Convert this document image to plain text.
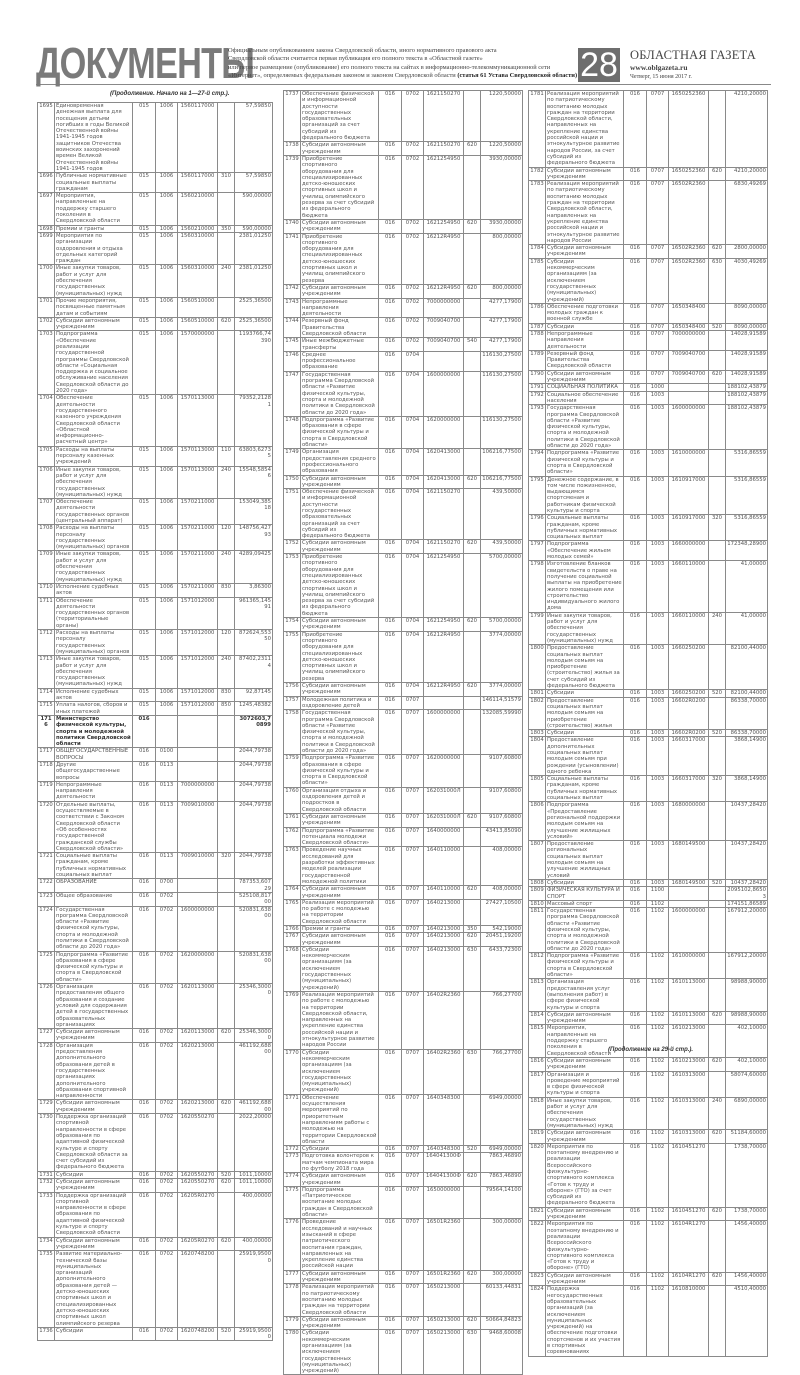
ДОКУМЕНТЫ
Официальным опубликованием закона Свердловской области, иного нормативного правового акта
Свердловской области считается первая публикация его полного текста в «Областной газете»
или первое размещение (опубликование) его полного текста на сайтах в информационно-телекоммуникационной сети
«Интернет», определяемых федеральным законом и законом Свердловской области (статья 61 Устава Свердловской области) 28 ОБЛАСТНАЯ ГАЗЕТА
www.oblgazeta.ru
Четверг, 15 июня 2017 г.
(Продолжение. Начало на 1—27-й стр.).
1695	Единовременная денежная выплата для посещения детьми погибших в годы Великой Отечественной войны 1941-1945 годов защитников Отечества воинских захоронений времен Великой Отечественной войны 1941-1945 годов	015	1006	1560117000		57,59850
1696	Публичные нормативные социальные выплаты гражданам	015	1006	1560117000	310	57,59850
1697	Мероприятия, направленные на поддержку старшего поколения в Свердловской области	015	1006	1560210000		590,00000
1698	Премии и гранты	015	1006	1560210000	350	590,00000
1699	Мероприятия по организации оздоровления и отдыха отдельных категорий граждан	015	1006	1560310000		2381,01250
1700	Иные закупки товаров, работ и услуг для обеспечения государственных (муниципальных) нужд	015	1006	1560310000	240	2381,01250
1701	Прочие мероприятия, посвященные памятным датам и событиям	015	1006	1560510000		2525,36500
1702	Субсидии автономным учреждениям	015	1006	1560510000	620	2525,36500
1703	Подпрограмма «Обеспечение реализации государственной программы Свердловской области «Социальная поддержка и социальное обслуживание населения Свердловской области до 2020 года»	015	1006	1570000000		1193766,74390
1704	Обеспечение деятельности государственного казенного учреждения Свердловской области «Областной информационно-расчетный центр»	015	1006	1570113000		79352,21281
1705	Расходы на выплаты персоналу казенных учреждений	015	1006	1570113000	110	63803,62735
1706	Иные закупки товаров, работ и услуг для обеспечения государственных (муниципальных) нужд	015	1006	1570113000	240	15548,58546
1707	Обеспечение деятельности государственных органов (центральный аппарат)	015	1006	1570211000		153049,38518
1708	Расходы на выплаты персоналу государственных (муниципальных) органов	015	1006	1570211000	120	148756,42793
1709	Иные закупки товаров, работ и услуг для обеспечения государственных (муниципальных) нужд	015	1006	1570211000	240	4289,09425
1710	Исполнение судебных актов	015	1006	1570211000	830	3,86300
1711	Обеспечение деятельности государственных органов (территориальные органы)	015	1006	1571012000		961365,14591
1712	Расходы на выплаты персоналу государственных (муниципальных) органов	015	1006	1571012000	120	872624,55350
1713	Иные закупки товаров, работ и услуг для обеспечения государственных (муниципальных) нужд	015	1006	1571012000	240	87402,23114
1714	Исполнение судебных актов	015	1006	1571012000	830	92,87145
1715	Уплата налогов, сборов и иных платежей	015	1006	1571012000	850	1245,48382
1716	Министерство физической культуры, спорта и молодежной политики Свердловской области	016				3072603,70899
1717	ОБЩЕГОСУДАРСТВЕННЫЕ ВОПРОСЫ	016	0100			2044,79738
1718	Другие общегосударственные вопросы	016	0113			2044,79738
1719	Непрограммные направления деятельности	016	0113	7000000000		2044,79738
1720	Отдельные выплаты, осуществляемые в соответствии с Законом Свердловской области «Об особенностях государственной гражданской службы Свердловской области»	016	0113	7009010000		2044,79738
1721	Социальные выплаты гражданам, кроме публичных нормативных социальных выплат	016	0113	7009010000	320	2044,79738
1722	ОБРАЗОВАНИЕ	016	0700			787353,60729
1723	Общее образование	016	0702			525108,81700
1724	Государственная программа Свердловской области «Развитие физической культуры, спорта и молодежной политики в Свердловской области до 2020 года»	016	0702	1600000000		520831,63800
1725	Подпрограмма «Развитие образования в сфере физической культуры и спорта в Свердловской области»	016	0702	1620000000		520831,63800
1726	Организация предоставления общего образования и создание условий для содержания детей в государственных образовательных организациях	016	0702	1620113000		25346,30000
1727	Субсидии автономным учреждениям	016	0702	1620113000	620	25346,30000
1728	Организация предоставления дополнительного образования детей в государственных организациях дополнительного образования спортивной направленности	016	0702	1620213000		461192,68800
1729	Субсидии автономным учреждениям	016	0702	1620213000	620	461192,68800
1730	Поддержка организаций спортивной направленности в сфере образования по адаптивной физической культуре и спорту Свердловской области за счет субсидий из федерального бюджета	016	0702	1620550270		2022,20000
1731	Субсидии	016	0702	1620550270	520	1011,10000
1732	Субсидии автономным учреждениям	016	0702	1620550270	620	1011,10000
1733	Поддержка организаций спортивной направленности в сфере образования по адаптивной физической культуре и спорту Свердловской области	016	0702	16205R0270		400,00000
1734	Субсидии автономным учреждениям	016	0702	16205R0270	620	400,00000
1735	Развитие материально-технической базы муниципальных организаций дополнительного образования детей — детско-юношеских спортивных школ и специализированных детско-юношеских спортивных школ олимпийского резерва	016	0702	1620748200		25919,95000
1736	Субсидии	016	0702	1620748200	520	25919,95000
1737	Обеспечение физической и информационной доступности государственных образовательных организаций за счет субсидий из федерального бюджета	016	0702	1621150270		1220,50000
1738	Субсидии автономным учреждениям	016	0702	1621150270	620	1220,50000
1739	Приобретение спортивного оборудования для специализированных детско-юношеских спортивных школ и училищ олимпийского резерва за счет субсидий из федерального бюджета	016	0702	1621254950		3930,00000
1740	Субсидии автономным учреждениям	016	0702	1621254950	620	3930,00000
1741	Приобретение спортивного оборудования для специализированных детско-юношеских спортивных школ и училищ олимпийского резерва	016	0702	16212R4950		800,00000
1742	Субсидии автономным учреждениям	016	0702	16212R4950	620	800,00000
1743	Непрограммные направления деятельности	016	0702	7000000000		4277,17900
1744	Резервный фонд Правительства Свердловской области	016	0702	7009040700		4277,17900
1745	Иные межбюджетные трансферты	016	0702	7009040700	540	4277,17900
1746	Среднее профессиональное образование	016	0704			116130,27500
1747	Государственная программа Свердловской области «Развитие физической культуры, спорта и молодежной политики в Свердловской области до 2020 года»	016	0704	1600000000		116130,27500
1748	Подпрограмма «Развитие образования в сфере физической культуры и спорта в Свердловской области»	016	0704	1620000000		116130,27500
1749	Организация предоставления среднего профессионального образования	016	0704	1620413000		106216,77500
1750	Субсидии автономным учреждениям	016	0704	1620413000	620	106216,77500
1751	Обеспечение физической и информационной доступности государственных образовательных организаций за счет субсидий из федерального бюджета	016	0704	1621150270		439,50000
1752	Субсидии автономным учреждениям	016	0704	1621150270	620	439,50000
1753	Приобретение спортивного оборудования для специализированных детско-юношеских спортивных школ и училищ олимпийского резерва за счет субсидий из федерального бюджета	016	0704	1621254950		5700,00000
1754	Субсидии автономным учреждениям	016	0704	1621254950	620	5700,00000
1755	Приобретение спортивного оборудования для специализированных детско-юношеских спортивных школ и училищ олимпийского резерва	016	0704	16212R4950		3774,00000
1756	Субсидии автономным учреждениям	016	0704	16212R4950	620	3774,00000
1757	Молодежная политика и оздоровление детей	016	0707			146114,51579
1758	Государственная программа Свердловской области «Развитие физической культуры, спорта и молодежной политики в Свердловской области до 2020 года»	016	0707	1600000000		132085,59990
1759	Подпрограмма «Развитие образования в сфере физической культуры и спорта в Свердловской области»	016	0707	1620000000		9107,60800
1760	Организация отдыха и оздоровления детей и подростков в Свердловской области	016	0707	162031000Л		9107,60800
1761	Субсидии автономным учреждениям	016	0707	162031000Л	620	9107,60800
1762	Подпрограмма «Развитие потенциала молодежи Свердловской области»	016	0707	1640000000		43413,85090
1763	Проведение научных исследований для разработки эффективных моделей реализации государственной молодежной политики	016	0707	1640110000		408,00000
1764	Субсидии автономным учреждениям	016	0707	1640110000	620	408,00000
1765	Реализация мероприятий по работе с молодежью на территории Свердловской области	016	0707	1640213000		27427,10500
1766	Премии и гранты	016	0707	1640213000	350	542,19000
1767	Субсидии автономным учреждениям	016	0707	1640213000	620	20451,19200
1768	Субсидии некоммерческим организациям (за исключением государственных (муниципальных) учреждений)	016	0707	1640213000	630	6433,72300
1769	Реализация мероприятий по работе с молодежью на территории Свердловской области, направленных на укрепление единства российской нации и этнокультурное развитие народов России	016	0707	16402R2360		766,27700
1770	Субсидии некоммерческим организациям (за исключением государственных (муниципальных) учреждений)	016	0707	16402R2360	630	766,27700
1771	Обеспечение осуществления мероприятий по приоритетным направлениям работы с молодежью на территории Свердловской области	016	0707	1640348300		6949,00000
1772	Субсидии	016	0707	1640348300	520	6949,00000
1773	Подготовка волонтеров к матчам чемпионата мира по футболу 2018 года	016	0707	164041300Ф		7863,46890
1774	Субсидии автономным учреждениям	016	0707	164041300Ф	620	7863,46890
1775	Подпрограмма «Патриотическое воспитание молодых граждан в Свердловской области»	016	0707	1650000000		79564,14100
1776	Проведение исследований и научных изысканий в сфере патриотического воспитания граждан, направленных на укрепление единства российской нации	016	0707	16501R2360		300,00000
1777	Субсидии автономным учреждениям	016	0707	16501R2360	620	300,00000
1778	Реализация мероприятий по патриотическому воспитанию молодых граждан на территории Свердловской области	016	0707	1650213000		60133,44831
1779	Субсидии автономным учреждениям	016	0707	1650213000	620	50664,84823
1780	Субсидии некоммерческим организациям (за исключением государственных (муниципальных) учреждений)	016	0707	1650213000	630	9468,60008
1781	Реализация мероприятий по патриотическому воспитанию молодых граждан на территории Свердловской области, направленных на укрепление единства российской нации и этнокультурное развитие народов России, за счет субсидий из федерального бюджета	016	0707	1650252360		4210,20000
1782	Субсидии автономным учреждениям	016	0707	1650252360	620	4210,20000
1783	Реализация мероприятий по патриотическому воспитанию молодых граждан на территории Свердловской области, направленных на укрепление единства российской нации и этнокультурное развитие народов России	016	0707	16502R2360		6830,49269
1784	Субсидии автономным учреждениям	016	0707	16502R2360	620	2800,00000
1785	Субсидии некоммерческим организациям (за исключением государственных (муниципальных) учреждений)	016	0707	16502R2360	630	4030,49269
1786	Обеспечение подготовки молодых граждан к военной службе	016	0707	1650348400		8090,00000
1787	Субсидии	016	0707	1650348400	520	8090,00000
1788	Непрограммные направления деятельности	016	0707	7000000000		14028,91589
1789	Резервный фонд Правительства Свердловской области	016	0707	7009040700		14028,91589
1790	Субсидии автономным учреждениям	016	0707	7009040700	620	14028,91589
1791	СОЦИАЛЬНАЯ ПОЛИТИКА	016	1000			188102,43879
1792	Социальное обеспечение населения	016	1003			188102,43879
1793	Государственная программа Свердловской области «Развитие физической культуры, спорта и молодежной политики в Свердловской области до 2020 года»	016	1003	1600000000		188102,43879
1794	Подпрограмма «Развитие физической культуры и спорта в Свердловской области»	016	1003	1610000000		5316,86559
1795	Денежное содержание, в том числе пожизненное, выдающимся спортсменам и работникам физической культуры и спорта	016	1003	1610917000		5316,86559
1796	Социальные выплаты гражданам, кроме публичных нормативных социальных выплат	016	1003	1610917000	320	5316,86559
1797	Подпрограмма «Обеспечение жильем молодых семей»	016	1003	1660000000		172348,28900
1798	Изготовление бланков свидетельств о праве на получение социальной выплаты на приобретение жилого помещения или строительство индивидуального жилого дома	016	1003	1660110000		41,00000
1799	Иные закупки товаров, работ и услуг для обеспечения государственных (муниципальных) нужд	016	1003	1660110000	240	41,00000
1800	Предоставление социальных выплат молодым семьям на приобретение (строительство) жилья за счет субсидий из федерального бюджета	016	1003	1660250200		82100,44000
1801	Субсидии	016	1003	1660250200	520	82100,44000
1802	Предоставление социальных выплат молодым семьям на приобретение (строительство) жилья	016	1003	16602R0200		86338,70000
1803	Субсидии	016	1003	16602R0200	520	86338,70000
1804	Предоставление дополнительных социальных выплат молодым семьям при рождении (усыновлении) одного ребенка	016	1003	1660317000		3868,14900
1805	Социальные выплаты гражданам, кроме публичных нормативных социальных выплат	016	1003	1660317000	320	3868,14900
1806	Подпрограмма «Предоставление региональной поддержки молодым семьям на улучшение жилищных условий»	016	1003	1680000000		10437,28420
1807	Предоставление региональных социальных выплат молодым семьям на улучшение жилищных условий	016	1003	1680149500		10437,28420
1808	Субсидии	016	1003	1680149500	520	10437,28420
1809	ФИЗИЧЕСКАЯ КУЛЬТУРА И СПОРТ	016	1100			2095102,86503
1810	Массовый спорт	016	1102			174151,86589
1811	Государственная программа Свердловской области «Развитие физической культуры, спорта и молодежной политики в Свердловской области до 2020 года»	016	1102	1600000000		167912,20000
1812	Подпрограмма «Развитие физической культуры и спорта в Свердловской области»	016	1102	1610000000		167912,20000
1813	Организация предоставления услуг (выполнения работ) в сфере физической культуры и спорта	016	1102	1610113000		98988,90000
1814	Субсидии автономным учреждениям	016	1102	1610113000	620	98988,90000
1815	Мероприятия, направленные на поддержку старшего поколения в Свердловской области	016	1102	1610213000		402,10000
1816	Субсидии автономным учреждениям	016	1102	1610213000	620	402,10000
1817	Организация и проведение мероприятий в сфере физической культуры и спорта	016	1102	1610313000		58074,60000
1818	Иные закупки товаров, работ и услуг для обеспечения государственных (муниципальных) нужд	016	1102	1610313000	240	6890,00000
1819	Субсидии автономным учреждениям	016	1102	1610313000	620	51184,60000
1820	Мероприятия по поэтапному внедрению и реализации Всероссийского физкультурно-спортивного комплекса «Готов к труду и обороне» (ГТО) за счет субсидий из федерального бюджета	016	1102	1610451270		1738,70000
1821	Субсидии автономным учреждениям	016	1102	1610451270	620	1738,70000
1822	Мероприятия по поэтапному внедрению и реализации Всероссийского физкультурно-спортивного комплекса «Готов к труду и обороне» (ГТО)	016	1102	16104R1270		1456,40000
1823	Субсидии автономным учреждениям	016	1102	16104R1270	620	1456,40000
1824	Поддержка негосударственных образовательных организаций (за исключением муниципальных учреждений) на обеспечение подготовки спортсменов и их участия в спортивных соревнованиях	016	1102	1610810000		4510,40000
(Продолжение на 29-й стр.).
